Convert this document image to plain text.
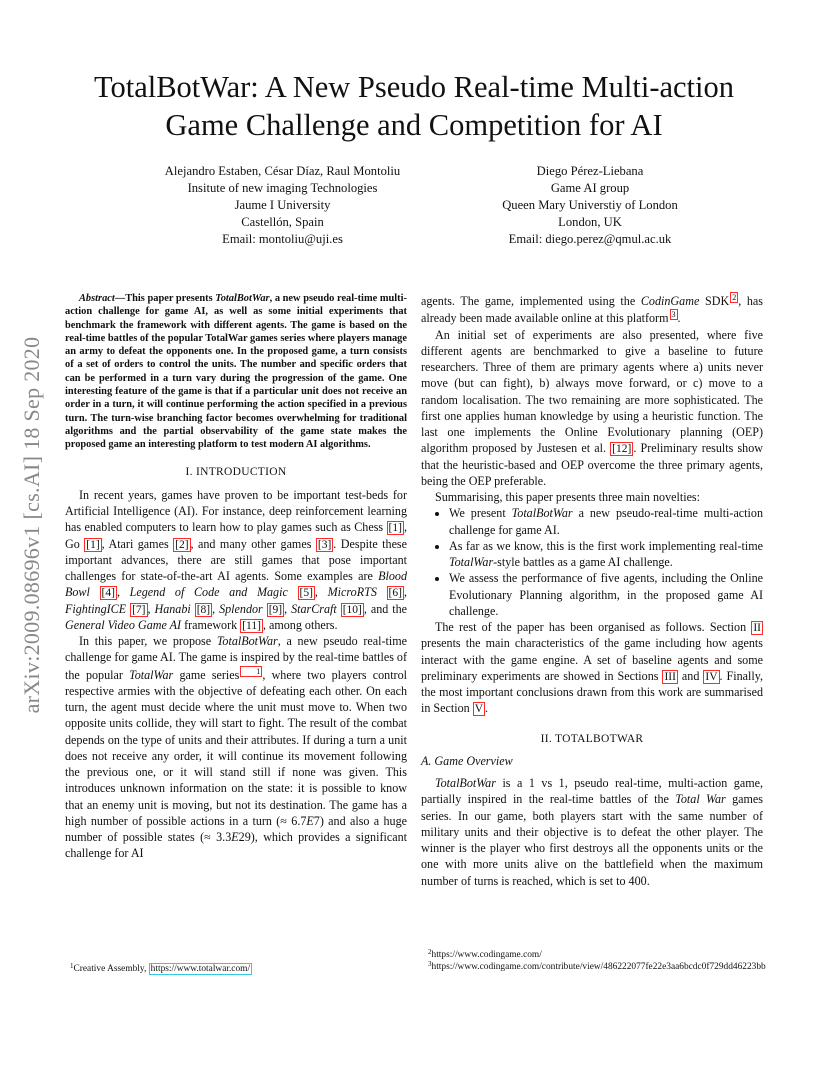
arXiv:2009.08696v1 [cs.AI] 18 Sep 2020
TotalBotWar: A New Pseudo Real-time Multi-action
Game Challenge and Competition for AI
Alejandro Estaben, César Díaz, Raul Montoliu
Insitute of new imaging Technologies
Jaume I University
Castellón, Spain
Email: montoliu@uji.es
Diego Pérez-Liebana
Game AI group
Queen Mary Universtiy of London
London, UK
Email: diego.perez@qmul.ac.uk

Abstract—This paper presents TotalBotWar, a new pseudo real-time multi-action challenge for game AI, as well as some initial experiments that benchmark the framework with different agents. The game is based on the real-time battles of the popular TotalWar games series where players manage an army to defeat the opponents one. In the proposed game, a turn consists of a set of orders to control the units. The number and specific orders that can be performed in a turn vary during the progression of the game. One interesting feature of the game is that if a particular unit does not receive an order in a turn, it will continue performing the action specified in a previous turn. The turn-wise branching factor becomes overwhelming for traditional algorithms and the partial observability of the game state makes the proposed game an interesting platform to test modern AI algorithms.

I. INTRODUCTION

In recent years, games have proven to be important test-beds for Artificial Intelligence (AI). For instance, deep reinforcement learning has enabled computers to learn how to play games such as Chess [1] , Go [1] , Atari games [2] , and many other games [3] . Despite these important advances, there are still games that pose important challenges for state-of-the-art AI agents. Some examples are Blood Bowl [4] , Legend of Code and Magic [5] , MicroRTS [6] , FightingICE [7] , Hanabi [8] , Splendor [9] , StarCraft [10] , and the General Video Game AI framework [11] , among others.

In this paper, we propose TotalBotWar, a new pseudo real-time challenge for game AI. The game is inspired by the real-time battles of the popular TotalWar game series 1 , where two players control respective armies with the objective of defeating each other. On each turn, the agent must decide where the unit must move to. When two opposite units collide, they will start to fight. The result of the combat depends on the type of units and their attributes. If during a turn a unit does not receive any order, it will continue its movement following the previous one, or it will stand still if none was given. This introduces unknown information on the state: it is possible to know that an enemy unit is moving, but not its destination. The game has a high number of possible actions in a turn (≈ 6.7E7) and also a huge number of possible states (≈ 3.3E29), which provides a significant challenge for AI

agents. The game, implemented using the CodinGame SDK 2 , has already been made available online at this platform 3 .

An initial set of experiments are also presented, where five different agents are benchmarked to give a baseline to future researchers. Three of them are primary agents where a) units never move (but can fight), b) always move forward, or c) move to a random localisation. The two remaining are more sophisticated. The first one applies human knowledge by using a heuristic function. The last one implements the Online Evolutionary planning (OEP) algorithm proposed by Justesen et al. [12] . Preliminary results show that the heuristic-based and OEP overcome the three primary agents, being the OEP preferable.

Summarising, this paper presents three main novelties:

• We present TotalBotWar a new pseudo-real-time multi-action challenge for game AI.
• As far as we know, this is the first work implementing real-time TotalWar-style battles as a game AI challenge.
• We assess the performance of five agents, including the Online Evolutionary Planning algorithm, in the proposed game AI challenge.

The rest of the paper has been organised as follows. Section II presents the main characteristics of the game including how agents interact with the game engine. A set of baseline agents and some preliminary experiments are showed in Sections III and IV . Finally, the most important conclusions drawn from this work are summarised in Section V .

II. TOTALBOTWAR

A. Game Overview

TotalBotWar is a 1 vs 1, pseudo real-time, multi-action game, partially inspired in the real-time battles of the Total War games series. In our game, both players start with the same number of military units and their objective is to defeat the other player. The winner is the player who first destroys all the opponents units or the one with more units alive on the battlefield when the maximum number of turns is reached, which is set to 400.

$^1$Creative Assembly, https://www.totalwar.com/
$^2$https://www.codingame.com/
$^3$https://www.codingame.com/contribute/view/486222077fe22e3aa6bcdc0f729dd46223bb
